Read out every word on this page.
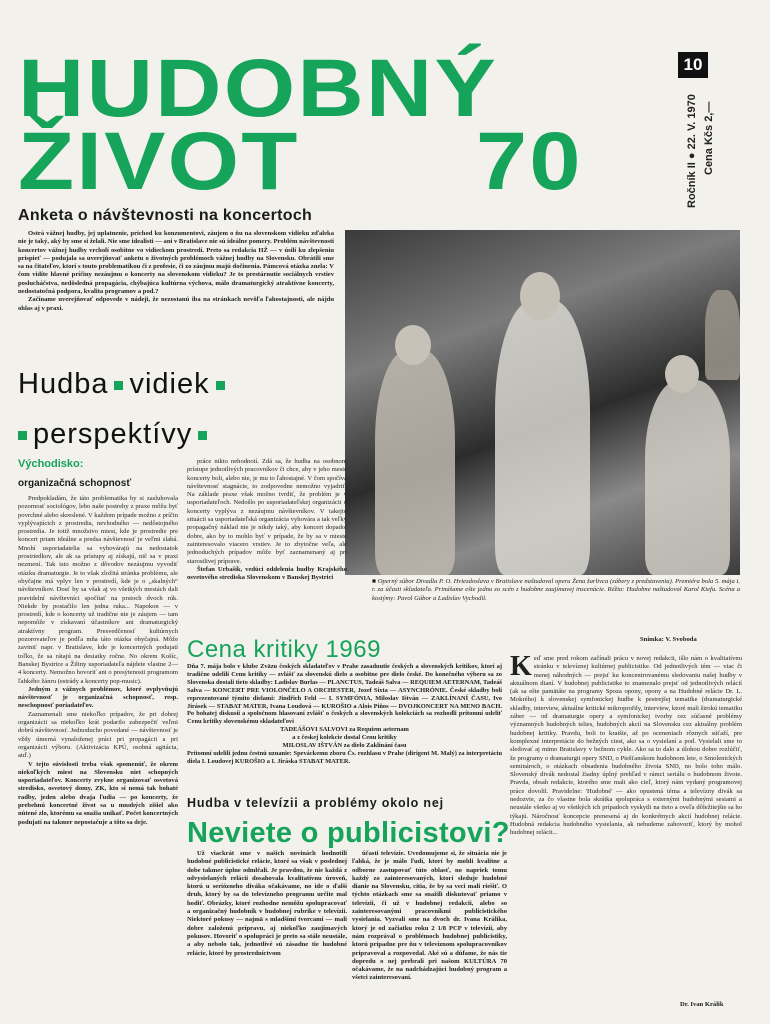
HUDOBNÝ
ŽIVOT 70
10
Ročník II ● 22. V. 1970 Cena Kčs 2,—
Anketa o návštevnosti na koncertoch

Ostrá vážnej hudby, jej uplatnenie, príchod ku konzumentovi, záujem o ňu na slovenskom vidieku zďaleka nie je taký, aký by sme si želali. Nie sme idealisti — ani v Bratislave nie sú ideálne pomery. Problém návštevnosti koncertov vážnej hudby vrcholí osobitne vo vidieckom prostredí. Preto sa redakcia HŽ — v úsilí ku zlepšeniu prispieť — podujala sa uverejňovať anketu o životných problémoch vážnej hudby na Slovensku. Obrátili sme sa na čitateľov, ktorí s touto problematikou či z profesie, či zo záujmu majú dočinenia. Pámcová otázka znela: V čom vidíte hlavné príčiny nezáujmu o koncerty na slovenskom vidieku? Je to prestárnutie sociálnych vrstiev poslucháčstva, nedôsledná propagácia, chýbajúca kultúrna výchova, málo dramaturgický atraktívne koncerty, nedostatočná podpora, kvalita programov a pod.?

Začíname uverejňovať odpovede v nádeji, že nezostanú iba na stránkach nevôľa ľahostajnosti, ale nájdu ohlas aj v praxi.

■ Operný súbor Divadla P. O. Hviezdoslava v Bratislave naštudoval operu Žena žarlivca (zábery z predstavenia). Premiéra bola 5. mája t. r. za účasti skladateľa. Prinášame ešte jednu zo scén z hudobne zaujímavej inscenácie. Réžia: Hudobne naštudoval Karol Kiefa. Scéna a kostýmy: Pavol Gábor a Ladislav Vychodil.
Snímka: V. Svoboda
Hudba vidiek
perspektívy
Východisko:
organizačná schopnosť

Predpokladám, že táto problematika by si zasluhovala pozornosť sociológov, lebo naše postrehy z praxe môžu byť povrchné alebo skreslené. V každom prípade možno z príčin vyplývajúcich z prostredia, nevhodného — nedôstojného prostredia. Je totiž množstvo miest, kde je prostredie pre koncert priam ideálne a predsa návštevnosť je veľmi slabá. Mnohí usporiadatelia sa vyhovárajú na nedostatok prostriedkov, ale ak sa prístupy aj získajú, nič sa v praxi nezmení. Tak isto možno z dôvodov nezáujmu vyvodiť otázku dramaturgie. Je to však zložitá stránka problému, ale obyčajne má vplyv len v prostredí, kde je o „skalných“ návštevníkov. Dosť by sa však aj vo všetkých mestách dali pravidelní návštevníci spočítať na prstoch dvoch rúk. Niekde by postačilo len jedna ruka... Napokon — v prostredí, kde o koncerty už tradične nie je záujem — tam nepomôže v získavaní účastníkov ani dramaturgický atraktívny program. Presvedčenosť kultúrnych pozorovateľov je podľa mňa táto otázka obyčajná. Môže zaviniť napr. v Bratislave, kde je koncertných podujatí toľko, že sa rátajú na desiatky ročne. No okrem Košíc, Banskej Bystrice a Žiliny usporiadateľa nájdete vlastne 2—4 koncerty. Nemožno hovoriť ani o presýtenosti programom ľahkého žánru (estrády a koncerty pop-music).

Jedným z vážnych problémov, ktoré ovplyvňujú návštevnosť je organizačná schopnosť, resp. neschopnosť poriadateľov.

Zaznamenali sme niekoľko prípadov, že pri dobrej organizácii sa niekoľko krát podarilo zabezpečiť veľmi dobrú návštevnosť. Jednoducho povedané — návštevnosť je vždy úmerná vynaloženej práci pri propagácii a pri organizácii výboru. (Aktivizácia KPÚ, osobná agitácia, atď.)

V tejto súvislosti treba však spomenúť, že okrem niekoľkých miest na Slovensku niet schopných usporiadateľov. Koncerty zvykne organizovať osvetová stredisko, osvetový domy, ZK, kto si nemá tak bohaté radby, jeden alebo dvaja ľudia — po koncerty, že prebehnú koncertné život sa u mnohých zišiel ako nútené zlo, ktorému sa snažia unikať. Počet koncertných podujatí na takmer nepostačuje a tôto sa deje.

práce nikto nehodnotí. Zdá sa, že hudba na osobnom prístupe jednotlivých pracovníkov či chce, aby v jeho meste koncerty boli, alebo nie, je mu to ľahostajné. V čom spočíva návštevnosť stagnácie, to zodpovedne nemožno vyjadriť. Na základe praxe však možno tvrdiť, že problém je v usporiadateľoch. Nedošlo po usporiadateľskej organizácii o koncerty vyplýva z nezáujmu návštevníkov. V takejto situácii sa usporiadateľská organizácia vyhovára a tak veľký propagačný náklad nie je nikdy taký, aby koncert dopadol dobre, ako by to mohlo byť v prípade, že by sa v mieste zainteresovalo viacero vrstiev. Je to zbytočne veľa, ale jednoduchých prípadov môže byť zaznamenaný aj pri starostlivej príprave.

Štefan Urbašík, vedúci oddelenia hudby Krajského osvetového strediska Slovenskom v Banskej Bystrici

Cena kritiky 1969

Dňa 7. mája bolo v klube Zväzu českých skladateľov v Prahe zasadnutie českých a slovenských kritikov, ktorí aj tradične udelili Cenu kritiky — zvlášť za slovenskú dielo a osobitne pre dielo české. Do konečného výberu sa zo Slovenska dostali tieto skladby: Ladislav Burlas — PLANCTUS, Tadeáš Salva — REQUIEM AETERNAM, Tadeáš Salva — KONCERT PRE VIOLONČELO A ORCHESTER, Jozef Sixta — ASYNCHRÓNIE. České skladby boli reprezentované týmito dielami: Jindřich Feld — I. SYMFÓNIA, Miloslav Ištván — ZAKLÍNANÍ ČASU, Ivo Jirásek — STABAT MATER, Ivana Loudová — KUROŠIO a Alois Piňos — DVOJKONCERT NA MENO BACH. Po bohatej diskusii a spoločnom hlasovaní zvlášť o českých a slovenských kolekciách sa rozhodli prítomní udeliť Cenu kritiky slovenskému skladateľovi

TADEÁŠOVI SALVOVI za Requiem aeternam

a z českej kolekcie dostal Cenu kritiky

MILOSLAV IŠTVÁN za dielo Zaklínání času

Prítomní udelili jednu čestnú uznanie: Speváckemu zboru Čs. rozhlasu v Prahe (dirigent M. Malý) za interpretáciu diela I. Loudovej KUROŠIO a I. Jiráska STABAT MATER.

Hudba v televízii a problémy okolo nej
Neviete o publicistovi?

Už viackrát sme v našich novinách hodnotili hudobné publicistické relácie, ktoré sa však v poslednej dobe takmer úplne odmlčali. Je pravdou, že nie každá z odvysielaných relácií dosahovala kvalitatívnu úroveň, ktorú u seriózneho diváka očakávame, no ide o ďalší druh, ktorý by sa do televízneho programu určite mal hodiť. Obrázky, ktoré rozhodne nemôžu spolupracovať a organizačný hudobník v hudobnej rubrike v televízii. Niektoré pokusy — najmä s mladšími tvorcami — mali dobre založenú prípravu, aj niekoľko zaujímavých pokusov. Hovoriť o spolupráci je preto sa stále neustále, a aby nebolo tak, jednotlivé sú zásadne tie hudobné relácie, ktoré by prostredníctvom

účasti televízie. Uvedomujeme si, že situácia nie je ľahká, že je málo ľudí, ktorí by mohli kvalitne a odborne zastupovať túto oblasť, no napriek tomu každý zo zainteresovaných, ktorí sleduje hudobné dianie na Slovensku, cítia, že by sa veci mali riešiť. O týchto otázkach sme sa snažili diskutovať priamo v televízii, či už v hudobnej redakcii, alebo so zainteresovanými pracovníkmi publicistického vysielania. Vyzvali sme na dvoch dr. Ivana Králika, ktorý je od začiatku roku 2 1/8 PCP v televízii, aby nám rozprával o problémoch hudobnej publicistiky, ktorú prípadne pre ňu v televíznom spolupracovníkov pripravoval a rozpovedal. Aké sú a dúfame, že nás tie dopredu o nej prebrali pri našom KULTÚRA 70 očakávame, že na nadchádzajúci hudobný program a všetci zainteresovaní.

Keď sme pred rokom začínali prácu v novej redakcii, išlo nám o kvalitatívnu stránku v televíznej kultúrnej publicistike. Od jednotlivých tém — viac či menej náhodných — prejsť ku koncentrovanému sledovaniu našej hudby v aktuálnom dianí. V hudobnej publicistike to znamenalo prejsť od jednotlivých relácií (ak sa ešte pamätáte na programy Spoza opony, opony a na Hudobné relácie Dr. L. Mokrého) k slovenskej symfonickej hudbe k pestrejšej tematike (dramaturgické skladby, interview, aktuálne kritické mikroprofily, interview, ktoré mali širokú tematiku záber — od dramaturgie opery a symfonickej tvorby cez súčasné problémy významných hudobných telies, hudobných akcií na Slovensku cez aktuálny problém hudobnej kritiky. Pravdu, boli to kratšie, až po oceneniach rôznych súťaží, pre komplexné interpretácie do bežných ciest, ako sa o vysielaní a pod. Vysielali sme to sledovať aj mimo Bratislavy v bežnom cykle. Ako sa to dalo a úlohou dobre rozlúčiť, že programy o dramaturgii opery SND, o Piešťanskom hudobnom lete, o Smolenických seminároch, o otázkach obsadenia hudobného života SND, no bolo toho málo. Slovenský divák nedostal žiadny úplný prehľad v rámci seriálu o hudobnom živote. Pravda, obsah redakcie, ktorého sme mali ako cieľ, ktorý nám vydaný programovej práce dovolil. Pravidelne: 'Hudobné' — ako opustená téma a televízny divák sa nedozvie, za čo vlastne bola skrátka spolupráca s externými hudobnými sesiami a neustále všetko aj vo všetkých ich prípadoch vyskytli na tieto a oveľa dôležitejšie sa ho týkajú. Náročnosť koncepcie prenesená aj do konkrétnych akcií hudobnej relácie. Hudobná redakcia hudobného vysielania, ak nebudeme zahovoriť, ktorý by mohol hudobnej relácii...
Dr. Ivan Králik
